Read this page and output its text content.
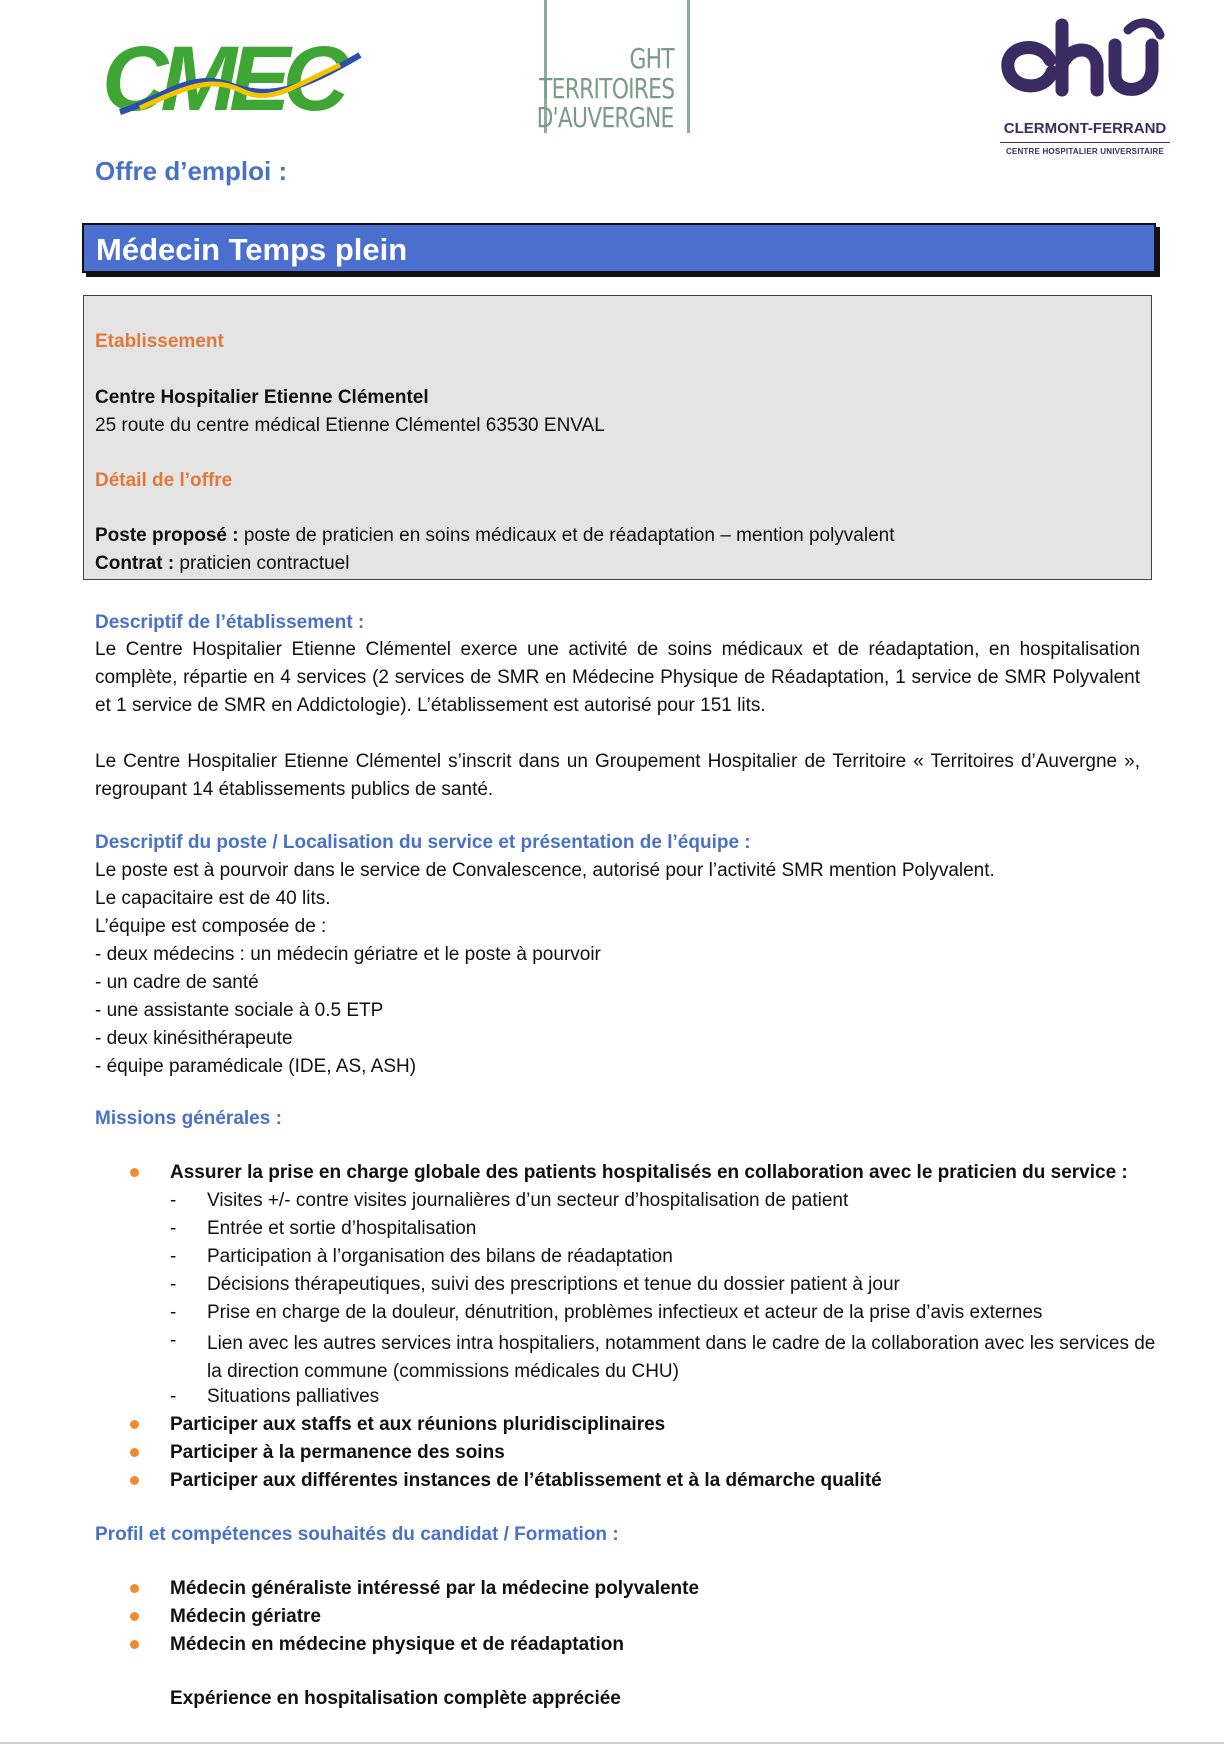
CMEC	GHT
TERRITOIRES
D'AUVERGNE	CLERMONT-FERRAND
CENTRE HOSPITALIER UNIVERSITAIRE
Offre d’emploi :
Médecin Temps plein
Etablissement
Centre Hospitalier Etienne Clémentel
25 route du centre médical Etienne Clémentel 63530 ENVAL
Détail de l’offre
Poste proposé : poste de praticien en soins médicaux et de réadaptation – mention polyvalent
Contrat : praticien contractuel
Descriptif de l’établissement :
Le Centre Hospitalier Etienne Clémentel exerce une activité de soins médicaux et de réadaptation, en hospitalisation complète, répartie en 4 services (2 services de SMR en Médecine Physique de Réadaptation, 1 service de SMR Polyvalent et 1 service de SMR en Addictologie). L’établissement est autorisé pour 151 lits.
Le Centre Hospitalier Etienne Clémentel s’inscrit dans un Groupement Hospitalier de Territoire « Territoires d’Auvergne », regroupant 14 établissements publics de santé.
Descriptif du poste / Localisation du service et présentation de l’équipe :
Le poste est à pourvoir dans le service de Convalescence, autorisé pour l’activité SMR mention Polyvalent.
Le capacitaire est de 40 lits.
L’équipe est composée de :
- deux médecins : un médecin gériatre et le poste à pourvoir
- un cadre de santé
- une assistante sociale à 0.5 ETP
- deux kinésithérapeute
- équipe paramédicale (IDE, AS, ASH)
Missions générales :
Assurer la prise en charge globale des patients hospitalisés en collaboration avec le praticien du service :
- Visites +/- contre visites journalières d’un secteur d’hospitalisation de patient
- Entrée et sortie d’hospitalisation
- Participation à l’organisation des bilans de réadaptation
- Décisions thérapeutiques, suivi des prescriptions et tenue du dossier patient à jour
- Prise en charge de la douleur, dénutrition, problèmes infectieux et acteur de la prise d’avis externes
- Lien avec les autres services intra hospitaliers, notamment dans le cadre de la collaboration avec les services de la direction commune (commissions médicales du CHU)
- Situations palliatives
Participer aux staffs et aux réunions pluridisciplinaires
Participer à la permanence des soins
Participer aux différentes instances de l’établissement et à la démarche qualité
Profil et compétences souhaités du candidat / Formation :
Médecin généraliste intéressé par la médecine polyvalente
Médecin gériatre
Médecin en médecine physique et de réadaptation
Expérience en hospitalisation complète appréciée
